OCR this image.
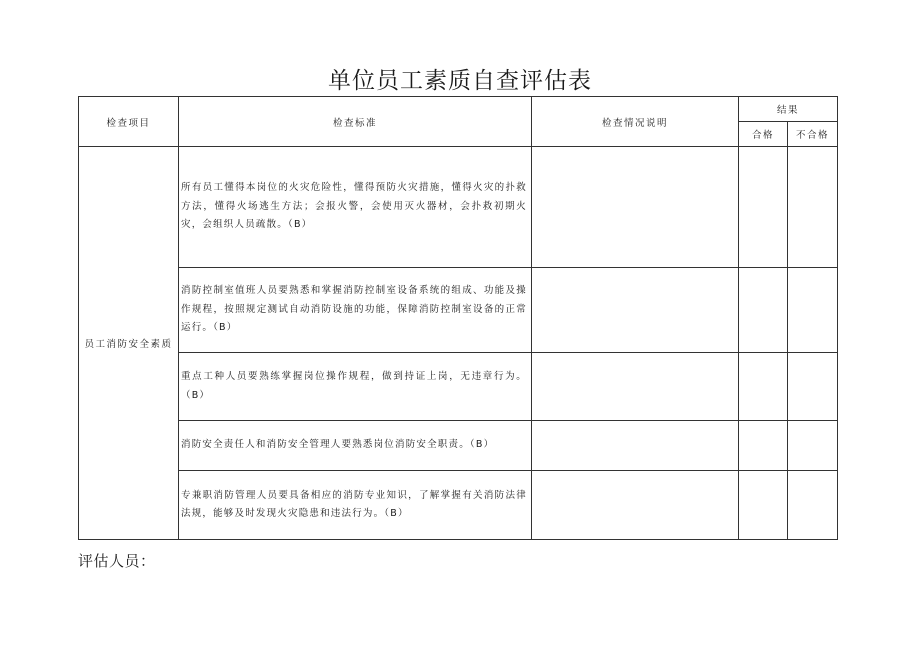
单位员工素质自查评估表
检查项目	检查标准	检查情况说明	结果	
			合格	不合格
员工消防安全素质	所有员工懂得本岗位的火灾危险性，懂得预防火灾措施，懂得火灾的扑救方法，懂得火场逃生方法；会报火警，会使用灭火器材，会扑救初期火灾，会组织人员疏散。（B）			
	消防控制室值班人员要熟悉和掌握消防控制室设备系统的组成、功能及操作规程，按照规定测试自动消防设施的功能，保障消防控制室设备的正常运行。（B）			
	重点工种人员要熟练掌握岗位操作规程，做到持证上岗，无违章行为。（B）			
	消防安全责任人和消防安全管理人要熟悉岗位消防安全职责。（B）			
	专兼职消防管理人员要具备相应的消防专业知识，了解掌握有关消防法律法规，能够及时发现火灾隐患和违法行为。（B）			
评估人员：
